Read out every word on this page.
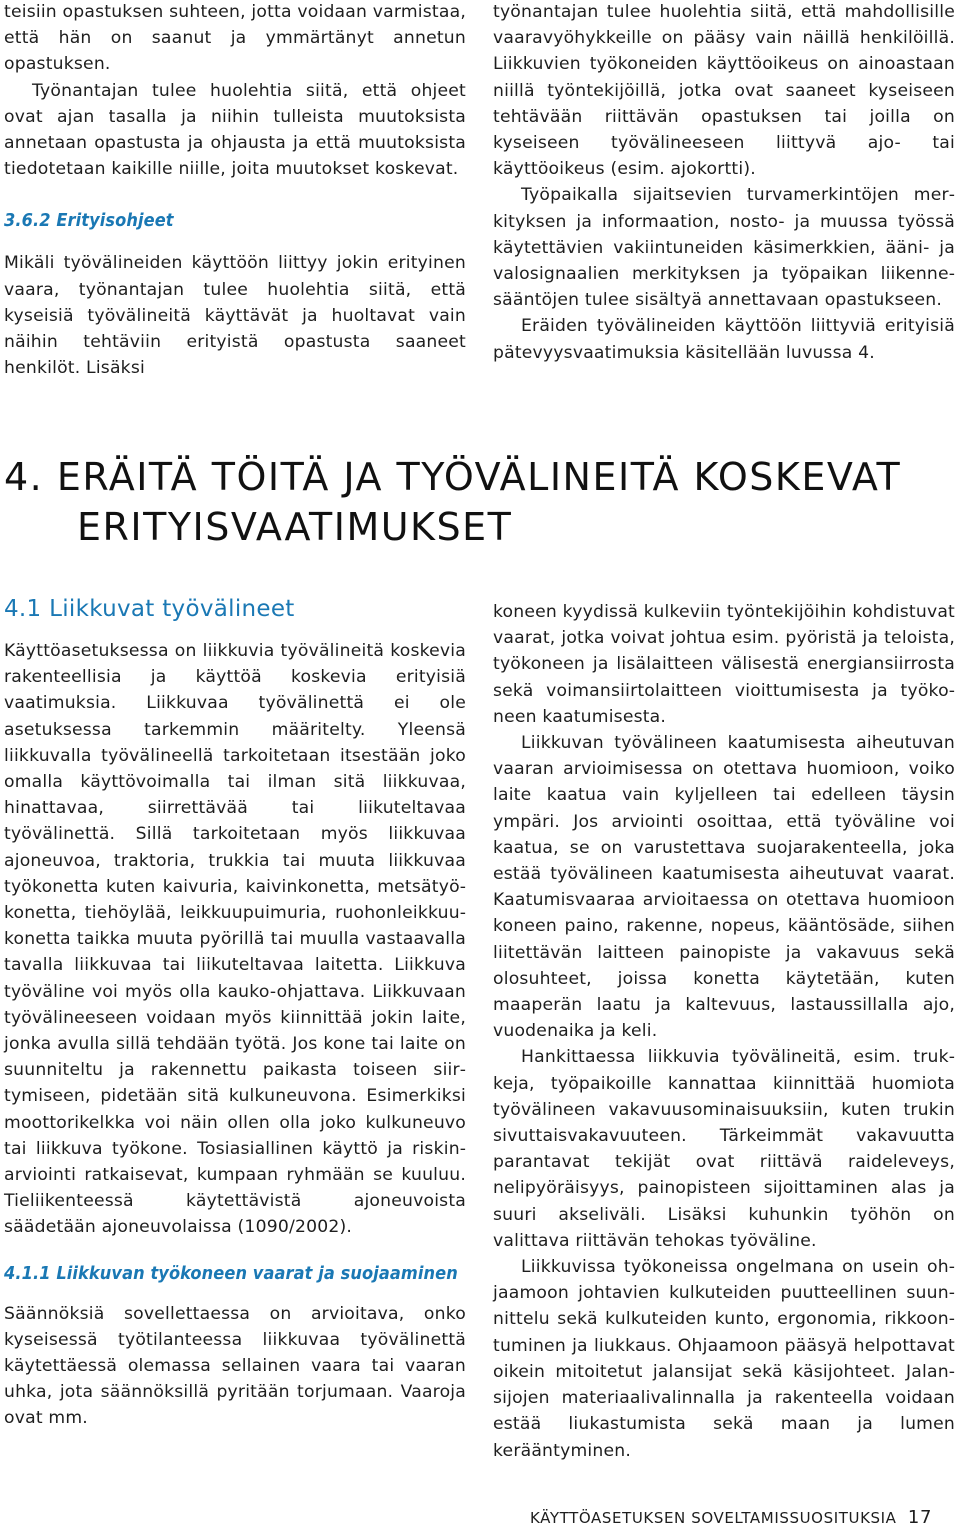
teisiin opastuksen suhteen, jotta voidaan varmistaa, että hän on saanut ja ymmärtänyt annetun opastuksen.

Työnantajan tulee huolehtia siitä, että ohjeet ovat ajan tasalla ja niihin tulleista muutoksista annetaan opastusta ja ohjausta ja että muutoksista tiedotetaan kaikille niille, joita muutokset koskevat.

3.6.2 Erityisohjeet

Mikäli työvälineiden käyttöön liittyy jokin erityinen vaara, työnantajan tulee huolehtia siitä, että kyseisiä työvälineitä käyttävät ja huoltavat vain näihin tehtäviin erityistä opastusta saaneet henkilöt. Lisäksi

työnantajan tulee huolehtia siitä, että mahdollisille vaaravyöhykkeille on pääsy vain näillä henkilöillä. Liikkuvien työkoneiden käyttöoikeus on ainoastaan niillä työntekijöillä, jotka ovat saaneet kyseiseen tehtävään riittävän opastuksen tai joilla on kyseiseen työvälineeseen liittyvä ajo- tai käyttöoikeus (esim. ajokortti).

Työpaikalla sijaitsevien turvamerkintöjen merkityksen ja informaation, nosto- ja muussa työssä käytettävien vakiintuneiden käsimerkkien, ääni- ja valosignaalien merkityksen ja työpaikan liikennesääntöjen tulee sisältyä annettavaan opastukseen.

Eräiden työvälineiden käyttöön liittyviä erityisiä pätevyysvaatimuksia käsitellään luvussa 4.

4. ERÄITÄ TÖITÄ JA TYÖVÄLINEITÄ KOSKEVAT
ERITYISVAATIMUKSET
4.1 Liikkuvat työvälineet

Käyttöasetuksessa on liikkuvia työvälineitä koskevia rakenteellisia ja käyttöä koskevia erityisiä vaatimuksia. Liikkuvaa työvälinettä ei ole asetuksessa tarkemmin määritelty. Yleensä liikkuvalla työvälineellä tarkoitetaan itsestään joko omalla käyttövoimalla tai ilman sitä liikkuvaa, hinattavaa, siirrettävää tai liikuteltavaa työvälinettä. Sillä tarkoitetaan myös liikkuvaa ajoneuvoa, traktoria, trukkia tai muuta liikkuvaa työkonetta kuten kaivuria, kaivinkonetta, metsätyökonetta, tiehöylää, leikkuupuimuria, ruohonleikkuukonetta taikka muuta pyörillä tai muulla vastaavalla tavalla liikkuvaa tai liikuteltavaa laitetta. Liikkuva työväline voi myös olla kauko-ohjattava. Liikkuvaan työvälineeseen voidaan myös kiinnittää jokin laite, jonka avulla sillä tehdään työtä. Jos kone tai laite on suunniteltu ja rakennettu paikasta toiseen siirtymiseen, pidetään sitä kulkuneuvona. Esimerkiksi moottorikelkka voi näin ollen olla joko kulkuneuvo tai liikkuva työkone. Tosiasiallinen käyttö ja riskinarviointi ratkaisevat, kumpaan ryhmään se kuuluu. Tieliikenteessä käytettävistä ajoneuvoista säädetään ajoneuvolaissa (1090/2002).

4.1.1 Liikkuvan työkoneen vaarat ja suojaaminen

Säännöksiä sovellettaessa on arvioitava, onko kyseisessä työtilanteessa liikkuvaa työvälinettä käytettäessä olemassa sellainen vaara tai vaaran uhka, jota säännöksillä pyritään torjumaan. Vaaroja ovat mm.

koneen kyydissä kulkeviin työntekijöihin kohdistuvat vaarat, jotka voivat johtua esim. pyöristä ja teloista, työkoneen ja lisälaitteen välisestä energiansiirrosta sekä voimansiirtolaitteen vioittumisesta ja työkoneen kaatumisesta.

Liikkuvan työvälineen kaatumisesta aiheutuvan vaaran arvioimisessa on otettava huomioon, voiko laite kaatua vain kyljelleen tai edelleen täysin ympäri. Jos arviointi osoittaa, että työväline voi kaatua, se on varustettava suojarakenteella, joka estää työvälineen kaatumisesta aiheutuvat vaarat. Kaatumisvaaraa arvioitaessa on otettava huomioon koneen paino, rakenne, nopeus, kääntösäde, siihen liitettävän laitteen painopiste ja vakavuus sekä olosuhteet, joissa konetta käytetään, kuten maaperän laatu ja kaltevuus, lastaussillalla ajo, vuodenaika ja keli.

Hankittaessa liikkuvia työvälineitä, esim. trukkeja, työpaikoille kannattaa kiinnittää huomiota työvälineen vakavuusominaisuuksiin, kuten trukin sivuttaisvakavuuteen. Tärkeimmät vakavuutta parantavat tekijät ovat riittävä raideleveys, nelipyöräisyys, painopisteen sijoittaminen alas ja suuri akseliväli. Lisäksi kuhunkin työhön on valittava riittävän tehokas työväline.

Liikkuvissa työkoneissa ongelmana on usein ohjaamoon johtavien kulkuteiden puutteellinen suunnittelu sekä kulkuteiden kunto, ergonomia, rikkoontuminen ja liukkaus. Ohjaamoon pääsyä helpottavat oikein mitoitetut jalansijat sekä käsijohteet. Jalansijojen materiaalivalinnalla ja rakenteella voidaan estää liukastumista sekä maan ja lumen kerääntyminen.

KÄYTTÖASETUKSEN SOVELTAMISSUOSITUKSIA 17
